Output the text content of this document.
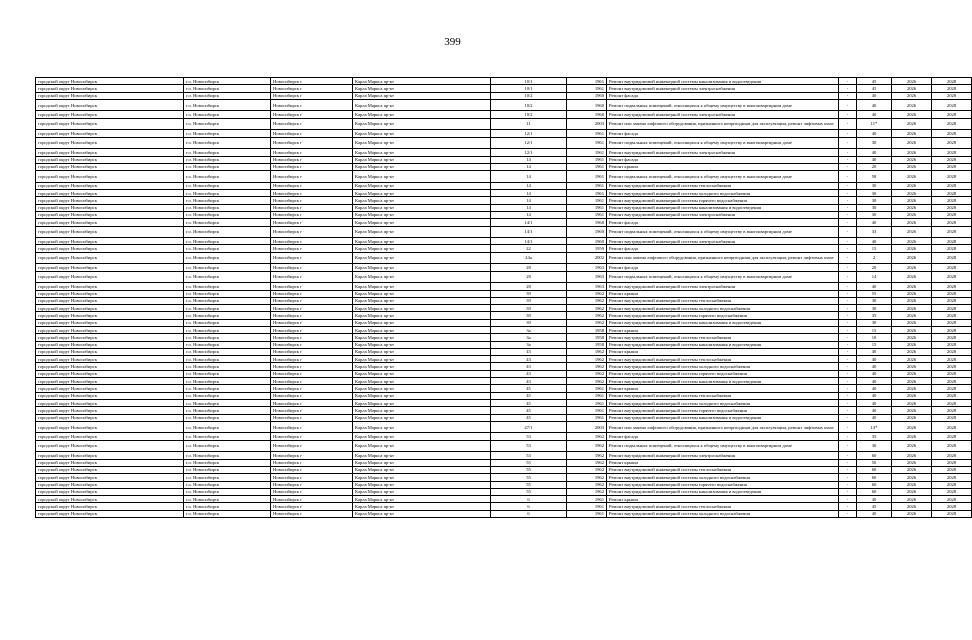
399
городской округ Новосибирск	г.о. Новосибирск	Новосибирск г	Карла Маркса пр-кт	10/1	1961	Ремонт внутридомовой инженерной системы канализования и водоотведения	-	45	2026	2028
городской округ Новосибирск	г.о. Новосибирск	Новосибирск г	Карла Маркса пр-кт	10/1	1961	Ремонт внутридомовой инженерной системы электроснабжения	-	45	2026	2028
городской округ Новосибирск	г.о. Новосибирск	Новосибирск г	Карла Маркса пр-кт	10/2	1960	Ремонт фасада	-	40	2026	2028
городской округ Новосибирск	г.о. Новосибирск	Новосибирск г	Карла Маркса пр-кт	10/2	1960	Ремонт подвальных помещений, относящихся к общему имуществу в многоквартирном доме	-	40	2026	2028
городской округ Новосибирск	г.о. Новосибирск	Новосибирск г	Карла Маркса пр-кт	10/2	1960	Ремонт внутридомовой инженерной системы электроснабжения	-	40	2026	2028
городской округ Новосибирск	г.о. Новосибирск	Новосибирск г	Карла Маркса пр-кт	11	2003	Ремонт или замена лифтового оборудования, признанного непригодным для эксплуатации, ремонт лифтовых шахт	-	11*	2026	2028
городской округ Новосибирск	г.о. Новосибирск	Новосибирск г	Карла Маркса пр-кт	12/1	1961	Ремонт фасада	-	40	2026	2028
городской округ Новосибирск	г.о. Новосибирск	Новосибирск г	Карла Маркса пр-кт	12/1	1961	Ремонт подвальных помещений, относящихся к общему имуществу в многоквартирном доме	-	30	2026	2028
городской округ Новосибирск	г.о. Новосибирск	Новосибирск г	Карла Маркса пр-кт	12/1	1961	Ремонт внутридомовой инженерной системы электроснабжения	-	40	2026	2028
городской округ Новосибирск	г.о. Новосибирск	Новосибирск г	Карла Маркса пр-кт	14	1961	Ремонт фасада	-	40	2026	2028
городской округ Новосибирск	г.о. Новосибирск	Новосибирск г	Карла Маркса пр-кт	14	1961	Ремонт крыши	-	20	2026	2028
городской округ Новосибирск	г.о. Новосибирск	Новосибирск г	Карла Маркса пр-кт	14	1961	Ремонт подвальных помещений, относящихся к общему имуществу в многоквартирном доме	-	58	2026	2028
городской округ Новосибирск	г.о. Новосибирск	Новосибирск г	Карла Маркса пр-кт	14	1961	Ремонт внутридомовой инженерной системы теплоснабжения	-	30	2026	2028
городской округ Новосибирск	г.о. Новосибирск	Новосибирск г	Карла Маркса пр-кт	14	1961	Ремонт внутридомовой инженерной системы холодного водоснабжения	-	30	2026	2028
городской округ Новосибирск	г.о. Новосибирск	Новосибирск г	Карла Маркса пр-кт	14	1961	Ремонт внутридомовой инженерной системы горячего водоснабжения	-	30	2026	2028
городской округ Новосибирск	г.о. Новосибирск	Новосибирск г	Карла Маркса пр-кт	14	1961	Ремонт внутридомовой инженерной системы канализования и водоотведения	-	30	2026	2028
городской округ Новосибирск	г.о. Новосибирск	Новосибирск г	Карла Маркса пр-кт	14	1961	Ремонт внутридомовой инженерной системы электроснабжения	-	30	2026	2028
городской округ Новосибирск	г.о. Новосибирск	Новосибирск г	Карла Маркса пр-кт	14/1	1960	Ремонт фасада	-	40	2026	2028
городской округ Новосибирск	г.о. Новосибирск	Новосибирск г	Карла Маркса пр-кт	14/1	1960	Ремонт подвальных помещений, относящихся к общему имуществу в многоквартирном доме	-	33	2026	2028
городской округ Новосибирск	г.о. Новосибирск	Новосибирск г	Карла Маркса пр-кт	14/1	1960	Ремонт внутридомовой инженерной системы электроснабжения	-	40	2026	2028
городской округ Новосибирск	г.о. Новосибирск	Новосибирск г	Карла Маркса пр-кт	22	1959	Ремонт фасада	-	15	2026	2028
городской округ Новосибирск	г.о. Новосибирск	Новосибирск г	Карла Маркса пр-кт	24а	2002	Ремонт или замена лифтового оборудования, признанного непригодным для эксплуатации, ремонт лифтовых шахт	-	2	2026	2028
городской округ Новосибирск	г.о. Новосибирск	Новосибирск г	Карла Маркса пр-кт	28	1963	Ремонт фасада	-	20	2026	2028
городской округ Новосибирск	г.о. Новосибирск	Новосибирск г	Карла Маркса пр-кт	28	1963	Ремонт подвальных помещений, относящихся к общему имуществу в многоквартирном доме	-	14	2026	2028
городской округ Новосибирск	г.о. Новосибирск	Новосибирск г	Карла Маркса пр-кт	28	1963	Ремонт внутридомовой инженерной системы электроснабжения	-	40	2026	2028
городской округ Новосибирск	г.о. Новосибирск	Новосибирск г	Карла Маркса пр-кт	39	1962	Ремонт крыши	-	55	2026	2028
городской округ Новосибирск	г.о. Новосибирск	Новосибирск г	Карла Маркса пр-кт	39	1962	Ремонт внутридомовой инженерной системы теплоснабжения	-	30	2026	2028
городской округ Новосибирск	г.о. Новосибирск	Новосибирск г	Карла Маркса пр-кт	39	1962	Ремонт внутридомовой инженерной системы холодного водоснабжения	-	30	2026	2028
городской округ Новосибирск	г.о. Новосибирск	Новосибирск г	Карла Маркса пр-кт	39	1962	Ремонт внутридомовой инженерной системы горячего водоснабжения	-	35	2026	2028
городской округ Новосибирск	г.о. Новосибирск	Новосибирск г	Карла Маркса пр-кт	39	1962	Ремонт внутридомовой инженерной системы канализования и водоотведения	-	30	2026	2028
городской округ Новосибирск	г.о. Новосибирск	Новосибирск г	Карла Маркса пр-кт	3а	1958	Ремонт крыши	-	15	2026	2028
городской округ Новосибирск	г.о. Новосибирск	Новосибирск г	Карла Маркса пр-кт	3а	1958	Ремонт внутридомовой инженерной системы теплоснабжения	-	10	2026	2028
городской округ Новосибирск	г.о. Новосибирск	Новосибирск г	Карла Маркса пр-кт	3а	1958	Ремонт внутридомовой инженерной системы канализования и водоотведения	-	15	2026	2028
городской округ Новосибирск	г.о. Новосибирск	Новосибирск г	Карла Маркса пр-кт	43	1962	Ремонт крыши	-	40	2026	2028
городской округ Новосибирск	г.о. Новосибирск	Новосибирск г	Карла Маркса пр-кт	43	1962	Ремонт внутридомовой инженерной системы теплоснабжения	-	40	2026	2028
городской округ Новосибирск	г.о. Новосибирск	Новосибирск г	Карла Маркса пр-кт	43	1962	Ремонт внутридомовой инженерной системы холодного водоснабжения	-	40	2026	2028
городской округ Новосибирск	г.о. Новосибирск	Новосибирск г	Карла Маркса пр-кт	43	1962	Ремонт внутридомовой инженерной системы горячего водоснабжения	-	40	2026	2028
городской округ Новосибирск	г.о. Новосибирск	Новосибирск г	Карла Маркса пр-кт	43	1962	Ремонт внутридомовой инженерной системы канализования и водоотведения	-	40	2026	2028
городской округ Новосибирск	г.о. Новосибирск	Новосибирск г	Карла Маркса пр-кт	45	1961	Ремонт крыши	-	40	2026	2028
городской округ Новосибирск	г.о. Новосибирск	Новосибирск г	Карла Маркса пр-кт	45	1961	Ремонт внутридомовой инженерной системы теплоснабжения	-	40	2026	2028
городской округ Новосибирск	г.о. Новосибирск	Новосибирск г	Карла Маркса пр-кт	45	1961	Ремонт внутридомовой инженерной системы холодного водоснабжения	-	40	2026	2028
городской округ Новосибирск	г.о. Новосибирск	Новосибирск г	Карла Маркса пр-кт	45	1961	Ремонт внутридомовой инженерной системы горячего водоснабжения	-	40	2026	2028
городской округ Новосибирск	г.о. Новосибирск	Новосибирск г	Карла Маркса пр-кт	45	1961	Ремонт внутридомовой инженерной системы канализования и водоотведения	-	40	2026	2028
городской округ Новосибирск	г.о. Новосибирск	Новосибирск г	Карла Маркса пр-кт	47/1	2003	Ремонт или замена лифтового оборудования, признанного непригодным для эксплуатации, ремонт лифтовых шахт	-	13*	2026	2028
городской округ Новосибирск	г.о. Новосибирск	Новосибирск г	Карла Маркса пр-кт	53	1962	Ремонт фасада	-	35	2026	2028
городской округ Новосибирск	г.о. Новосибирск	Новосибирск г	Карла Маркса пр-кт	53	1962	Ремонт подвальных помещений, относящихся к общему имуществу в многоквартирном доме	-	30	2026	2028
городской округ Новосибирск	г.о. Новосибирск	Новосибирск г	Карла Маркса пр-кт	53	1962	Ремонт внутридомовой инженерной системы электроснабжения	-	60	2026	2028
городской округ Новосибирск	г.о. Новосибирск	Новосибирск г	Карла Маркса пр-кт	55	1962	Ремонт крыши	-	50	2026	2028
городской округ Новосибирск	г.о. Новосибирск	Новосибирск г	Карла Маркса пр-кт	55	1962	Ремонт внутридомовой инженерной системы теплоснабжения	-	60	2026	2028
городской округ Новосибирск	г.о. Новосибирск	Новосибирск г	Карла Маркса пр-кт	55	1962	Ремонт внутридомовой инженерной системы холодного водоснабжения	-	60	2026	2028
городской округ Новосибирск	г.о. Новосибирск	Новосибирск г	Карла Маркса пр-кт	55	1962	Ремонт внутридомовой инженерной системы горячего водоснабжения	-	60	2026	2028
городской округ Новосибирск	г.о. Новосибирск	Новосибирск г	Карла Маркса пр-кт	55	1962	Ремонт внутридомовой инженерной системы канализования и водоотведения	-	60	2026	2028
городской округ Новосибирск	г.о. Новосибирск	Новосибирск г	Карла Маркса пр-кт	6	1961	Ремонт крыши	-	40	2026	2028
городской округ Новосибирск	г.о. Новосибирск	Новосибирск г	Карла Маркса пр-кт	6	1961	Ремонт внутридомовой инженерной системы теплоснабжения	-	45	2026	2028
городской округ Новосибирск	г.о. Новосибирск	Новосибирск г	Карла Маркса пр-кт	6	1961	Ремонт внутридомовой инженерной системы холодного водоснабжения	-	40	2026	2028
